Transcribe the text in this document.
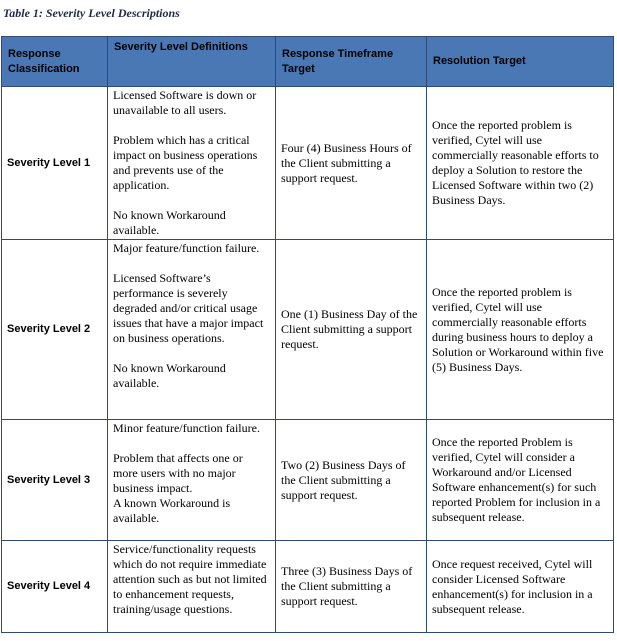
Table 1: Severity Level Descriptions
Response Classification	Severity Level Definitions	Response Timeframe Target	Resolution Target
Severity Level 1	Licensed Software is down or unavailable to all users.
Problem which has a critical impact on business operations and prevents use of the application.
No known Workaround available.	Four (4) Business Hours of the Client submitting a support request.	Once the reported problem is verified, Cytel will use commercially reasonable efforts to deploy a Solution to restore the Licensed Software within two (2) Business Days.
Severity Level 2	Major feature/function failure.
Licensed Software’s performance is severely degraded and/or critical usage issues that have a major impact on business operations.
No known Workaround available.	One (1) Business Day of the Client submitting a support request.	Once the reported problem is verified, Cytel will use commercially reasonable efforts during business hours to deploy a Solution or Workaround within five (5) Business Days.
Severity Level 3	Minor feature/function failure.
Problem that affects one or more users with no major business impact.
A known Workaround is available.	Two (2) Business Days of the Client submitting a support request.	Once the reported Problem is verified, Cytel will consider a Workaround and/or Licensed Software enhancement(s) for such reported Problem for inclusion in a subsequent release.
Severity Level 4	Service/functionality requests which do not require immediate attention such as but not limited to enhancement requests, training/usage questions.	Three (3) Business Days of the Client submitting a support request.	Once request received, Cytel will consider Licensed Software enhancement(s) for inclusion in a subsequent release.
